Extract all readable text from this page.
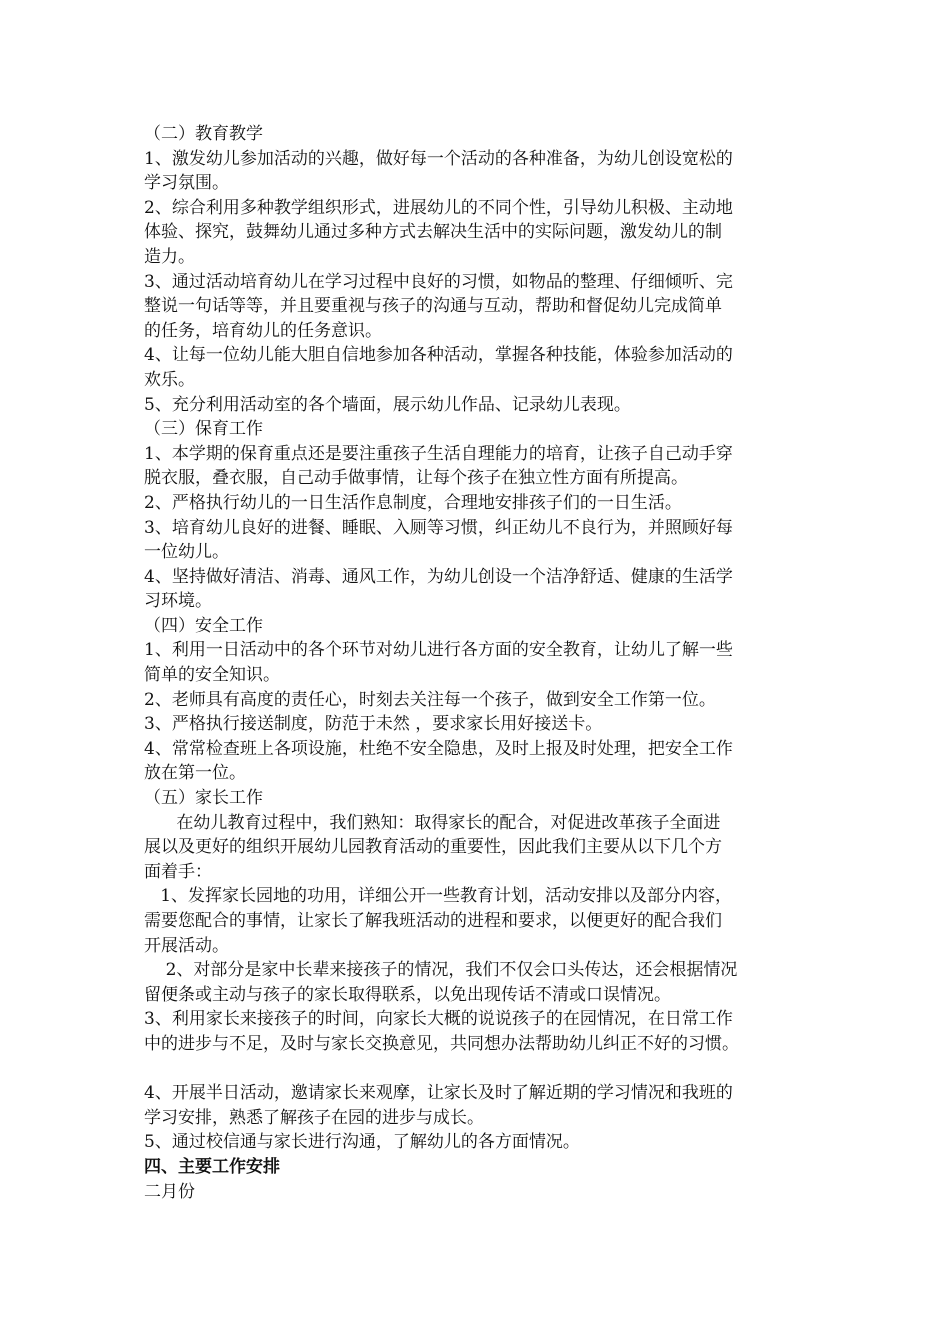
（二）教育教学
1、激发幼儿参加活动的兴趣，做好每一个活动的各种准备，为幼儿创设宽松的
学习氛围。
2、综合利用多种教学组织形式，进展幼儿的不同个性，引导幼儿积极、主动地
体验、探究，鼓舞幼儿通过多种方式去解决生活中的实际问题，激发幼儿的制
造力。
3、通过活动培育幼儿在学习过程中良好的习惯，如物品的整理、仔细倾听、完
整说一句话等等，并且要重视与孩子的沟通与互动，帮助和督促幼儿完成简单
的任务，培育幼儿的任务意识。
4、让每一位幼儿能大胆自信地参加各种活动，掌握各种技能，体验参加活动的
欢乐。
5、充分利用活动室的各个墙面，展示幼儿作品、记录幼儿表现。
（三）保育工作
1、本学期的保育重点还是要注重孩子生活自理能力的培育，让孩子自己动手穿
脱衣服，叠衣服，自己动手做事情，让每个孩子在独立性方面有所提高。
2、严格执行幼儿的一日生活作息制度，合理地安排孩子们的一日生活。
3、培育幼儿良好的进餐、睡眠、入厕等习惯，纠正幼儿不良行为，并照顾好每
一位幼儿。
4、坚持做好清洁、消毒、通风工作，为幼儿创设一个洁净舒适、健康的生活学
习环境。
（四）安全工作
1、利用一日活动中的各个环节对幼儿进行各方面的安全教育，让幼儿了解一些
简单的安全知识。
2、老师具有高度的责任心，时刻去关注每一个孩子，做到安全工作第一位。
3、严格执行接送制度，防范于未然 ，要求家长用好接送卡。
4、常常检查班上各项设施，杜绝不安全隐患，及时上报及时处理，把安全工作
放在第一位。
（五）家长工作
在幼儿教育过程中，我们熟知：取得家长的配合，对促进改革孩子全面进
展以及更好的组织开展幼儿园教育活动的重要性，因此我们主要从以下几个方
面着手：
1、发挥家长园地的功用，详细公开一些教育计划，活动安排以及部分内容，
需要您配合的事情，让家长了解我班活动的进程和要求，以便更好的配合我们
开展活动。
2、对部分是家中长辈来接孩子的情况，我们不仅会口头传达，还会根据情况
留便条或主动与孩子的家长取得联系，以免出现传话不清或口误情况。
3、利用家长来接孩子的时间，向家长大概的说说孩子的在园情况，在日常工作
中的进步与不足，及时与家长交换意见，共同想办法帮助幼儿纠正不好的习惯。
4、开展半日活动，邀请家长来观摩，让家长及时了解近期的学习情况和我班的
学习安排，熟悉了解孩子在园的进步与成长。
5、通过校信通与家长进行沟通，了解幼儿的各方面情况。
四、主要工作安排
二月份
